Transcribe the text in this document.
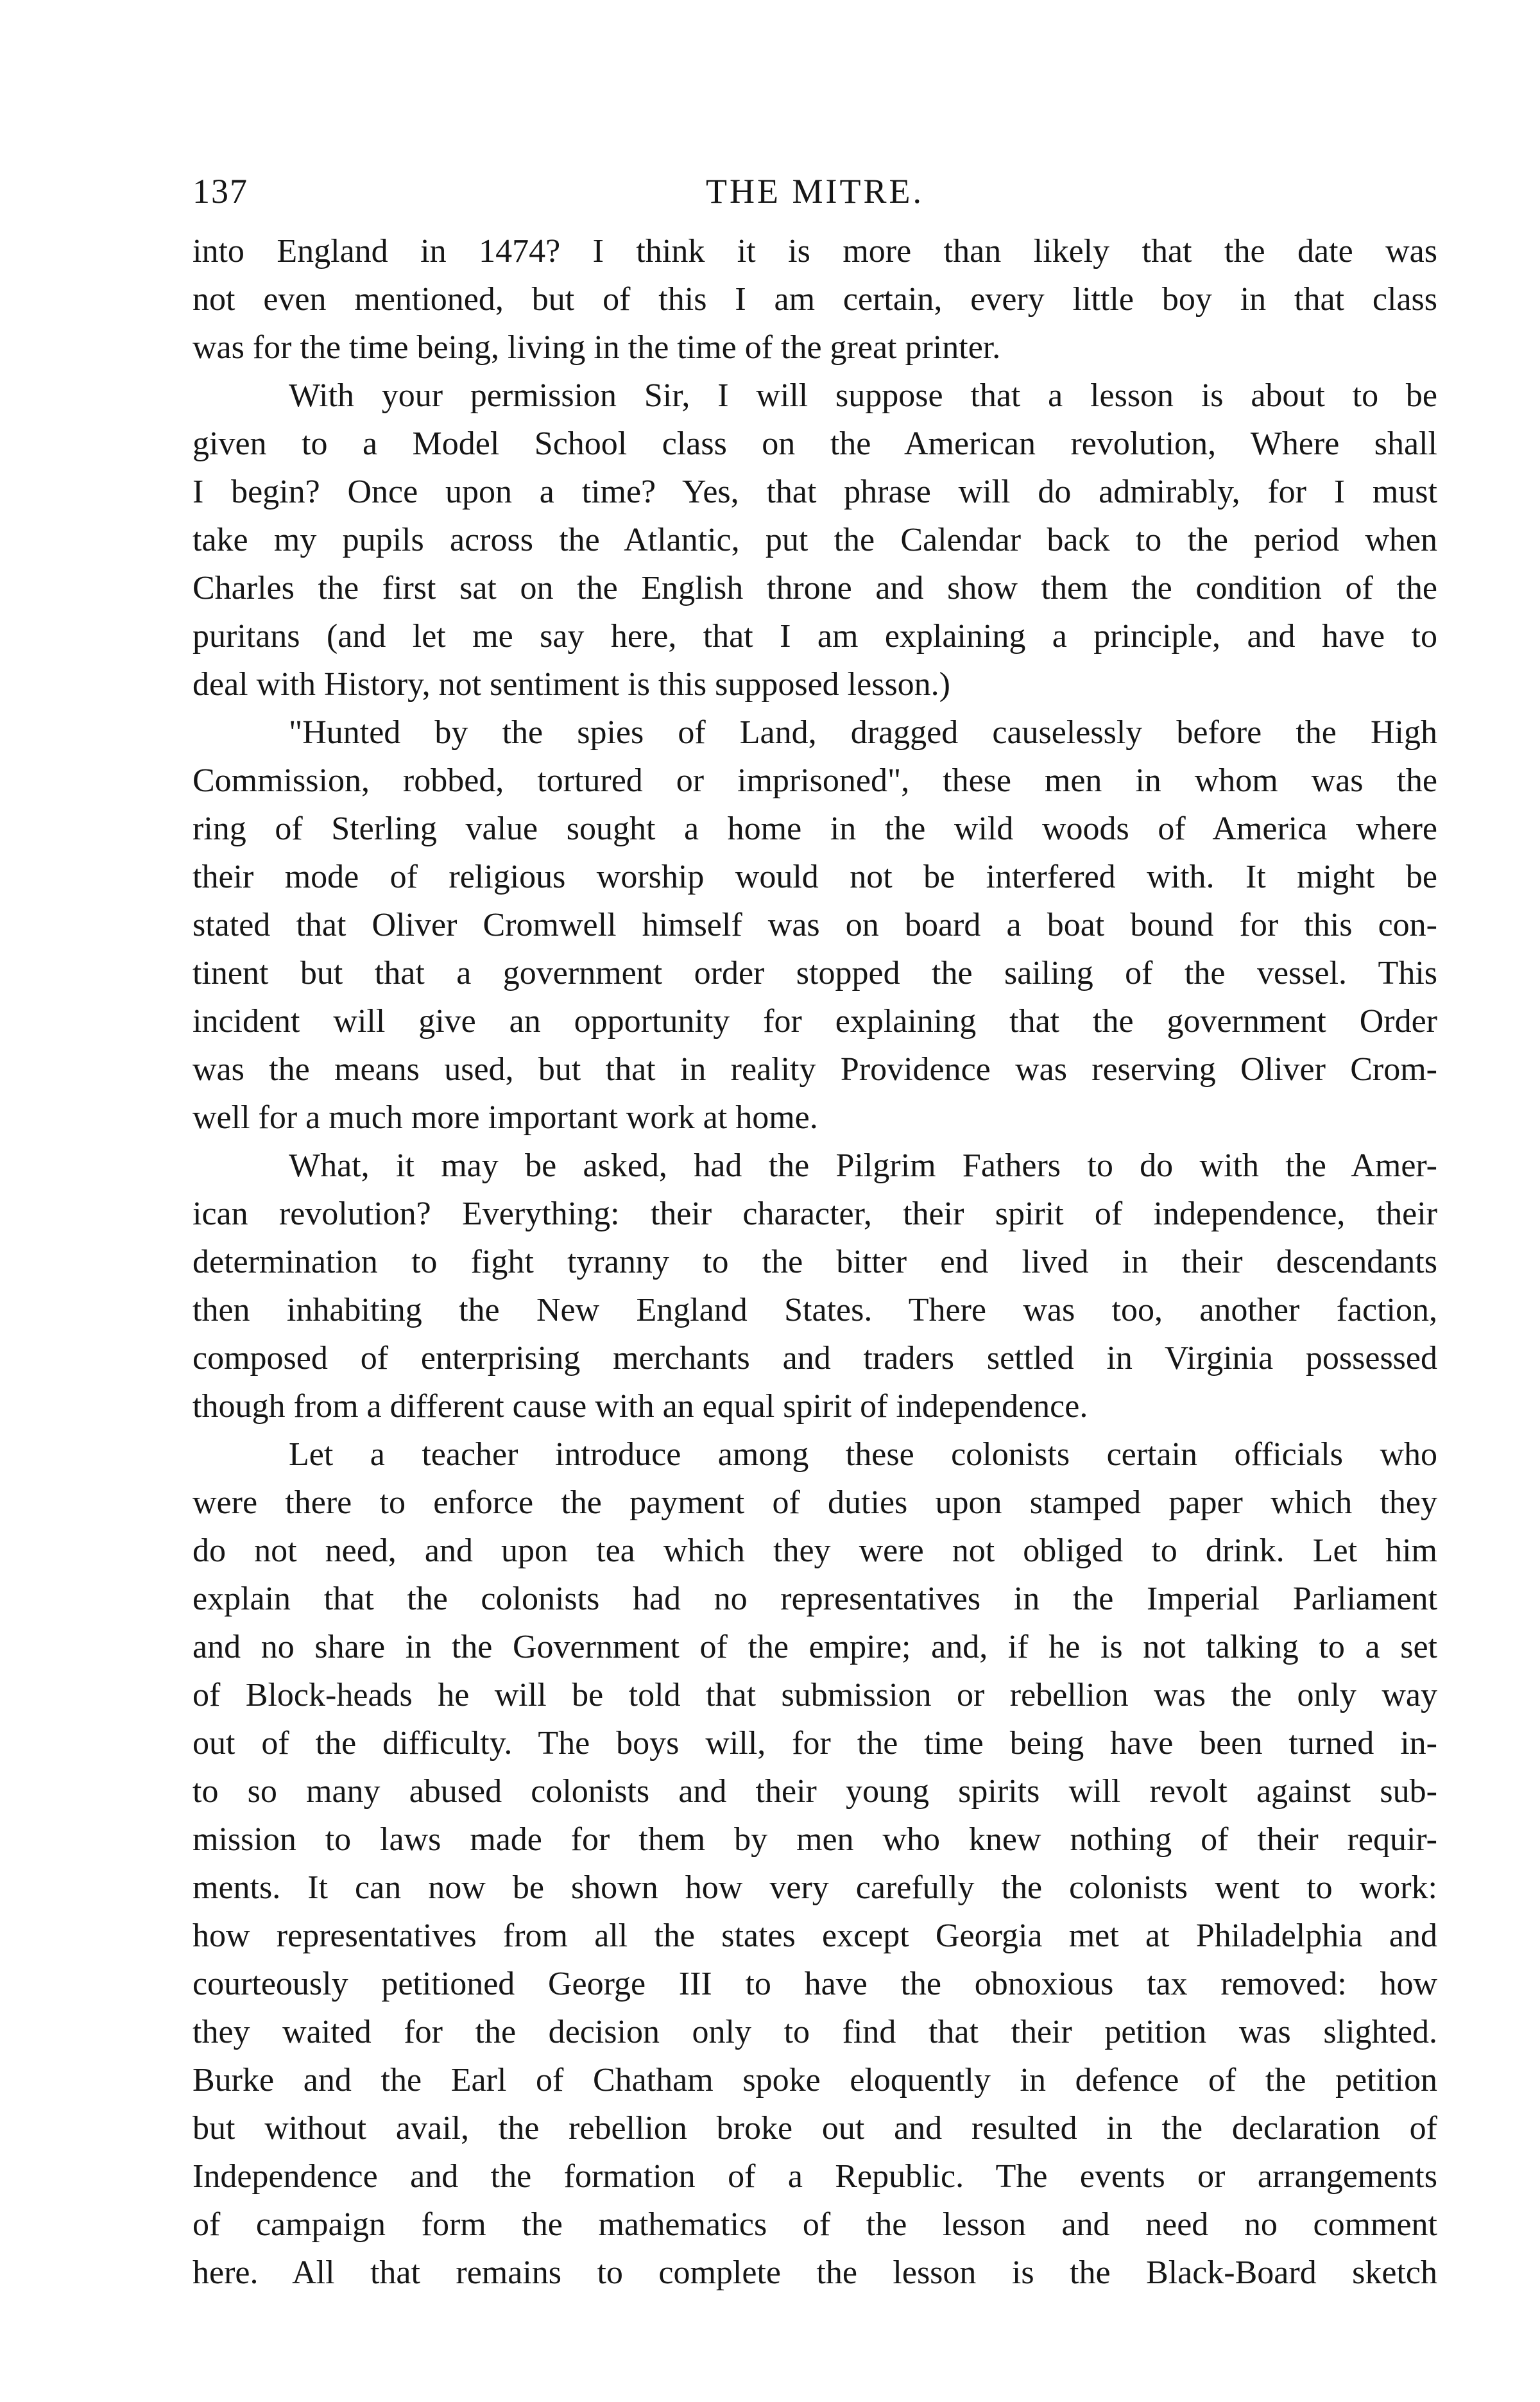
137	THE MITRE.
into England in 1474? I think it is more than likely that the date was
not even mentioned, but of this I am certain, every little boy in that class
was for the time being, living in the time of the great printer.
With your permission Sir, I will suppose that a lesson is about to be
given to a Model School class on the American revolution, Where shall
I begin? Once upon a time? Yes, that phrase will do admirably, for I must
take my pupils across the Atlantic, put the Calendar back to the period when
Charles the first sat on the English throne and show them the condition of the
puritans (and let me say here, that I am explaining a principle, and have to
deal with History, not sentiment is this supposed lesson.)
"Hunted by the spies of Land, dragged causelessly before the High
Commission, robbed, tortured or imprisoned", these men in whom was the
ring of Sterling value sought a home in the wild woods of America where
their mode of religious worship would not be interfered with. It might be
stated that Oliver Cromwell himself was on board a boat bound for this con-
tinent but that a government order stopped the sailing of the vessel. This
incident will give an opportunity for explaining that the government Order
was the means used, but that in reality Providence was reserving Oliver Crom-
well for a much more important work at home.
What, it may be asked, had the Pilgrim Fathers to do with the Amer-
ican revolution? Everything: their character, their spirit of independence, their
determination to fight tyranny to the bitter end lived in their descendants
then inhabiting the New England States. There was too, another faction,
composed of enterprising merchants and traders settled in Virginia possessed
though from a different cause with an equal spirit of independence.
Let a teacher introduce among these colonists certain officials who
were there to enforce the payment of duties upon stamped paper which they
do not need, and upon tea which they were not obliged to drink. Let him
explain that the colonists had no representatives in the Imperial Parliament
and no share in the Government of the empire; and, if he is not talking to a set
of Block-heads he will be told that submission or rebellion was the only way
out of the difficulty. The boys will, for the time being have been turned in-
to so many abused colonists and their young spirits will revolt against sub-
mission to laws made for them by men who knew nothing of their requir-
ments. It can now be shown how very carefully the colonists went to work:
how representatives from all the states except Georgia met at Philadelphia and
courteously petitioned George III to have the obnoxious tax removed: how
they waited for the decision only to find that their petition was slighted.
Burke and the Earl of Chatham spoke eloquently in defence of the petition
but without avail, the rebellion broke out and resulted in the declaration of
Independence and the formation of a Republic. The events or arrangements
of campaign form the mathematics of the lesson and need no comment
here. All that remains to complete the lesson is the Black-Board sketch
